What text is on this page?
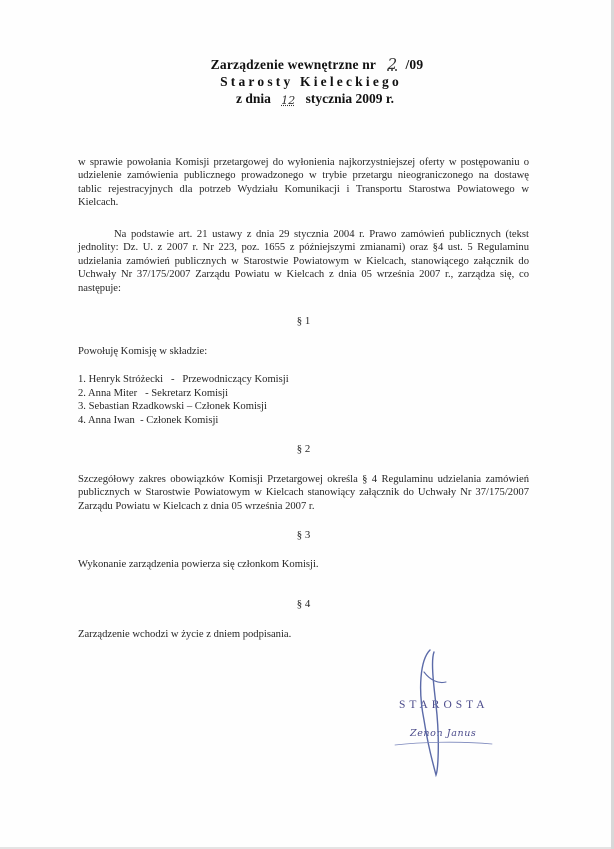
Zarządzenie wewnętrzne nr 2 /09
Starosty Kieleckiego
z dnia 12 stycznia 2009 r.
w sprawie powołania Komisji przetargowej do wyłonienia najkorzystniejszej oferty w postępowaniu o udzielenie zamówienia publicznego prowadzonego w trybie przetargu nieograniczonego na dostawę tablic rejestracyjnych dla potrzeb Wydziału Komunikacji i Transportu Starostwa Powiatowego w Kielcach.
Na podstawie art. 21 ustawy z dnia 29 stycznia 2004 r. Prawo zamówień publicznych (tekst jednolity: Dz. U. z 2007 r. Nr 223, poz. 1655 z późniejszymi zmianami) oraz §4 ust. 5 Regulaminu udzielania zamówień publicznych w Starostwie Powiatowym w Kielcach, stanowiącego załącznik do Uchwały Nr 37/175/2007 Zarządu Powiatu w Kielcach z dnia 05 września 2007 r., zarządza się, co następuje:
§ 1
Powołuję Komisję w składzie:
1. Henryk Stróżecki   -   Przewodniczący Komisji
2. Anna Miter   - Sekretarz Komisji
3. Sebastian Rzadkowski – Członek Komisji
4. Anna Iwan  - Członek Komisji
§ 2
Szczegółowy zakres obowiązków Komisji Przetargowej określa § 4 Regulaminu udzielania zamówień publicznych w Starostwie Powiatowym w Kielcach stanowiący załącznik do Uchwały Nr 37/175/2007 Zarządu Powiatu w Kielcach z dnia 05 września 2007 r.
§ 3
Wykonanie zarządzenia powierza się członkom Komisji.
§ 4
Zarządzenie wchodzi w życie z dniem podpisania.
STAROSTA
Zenon Janus
